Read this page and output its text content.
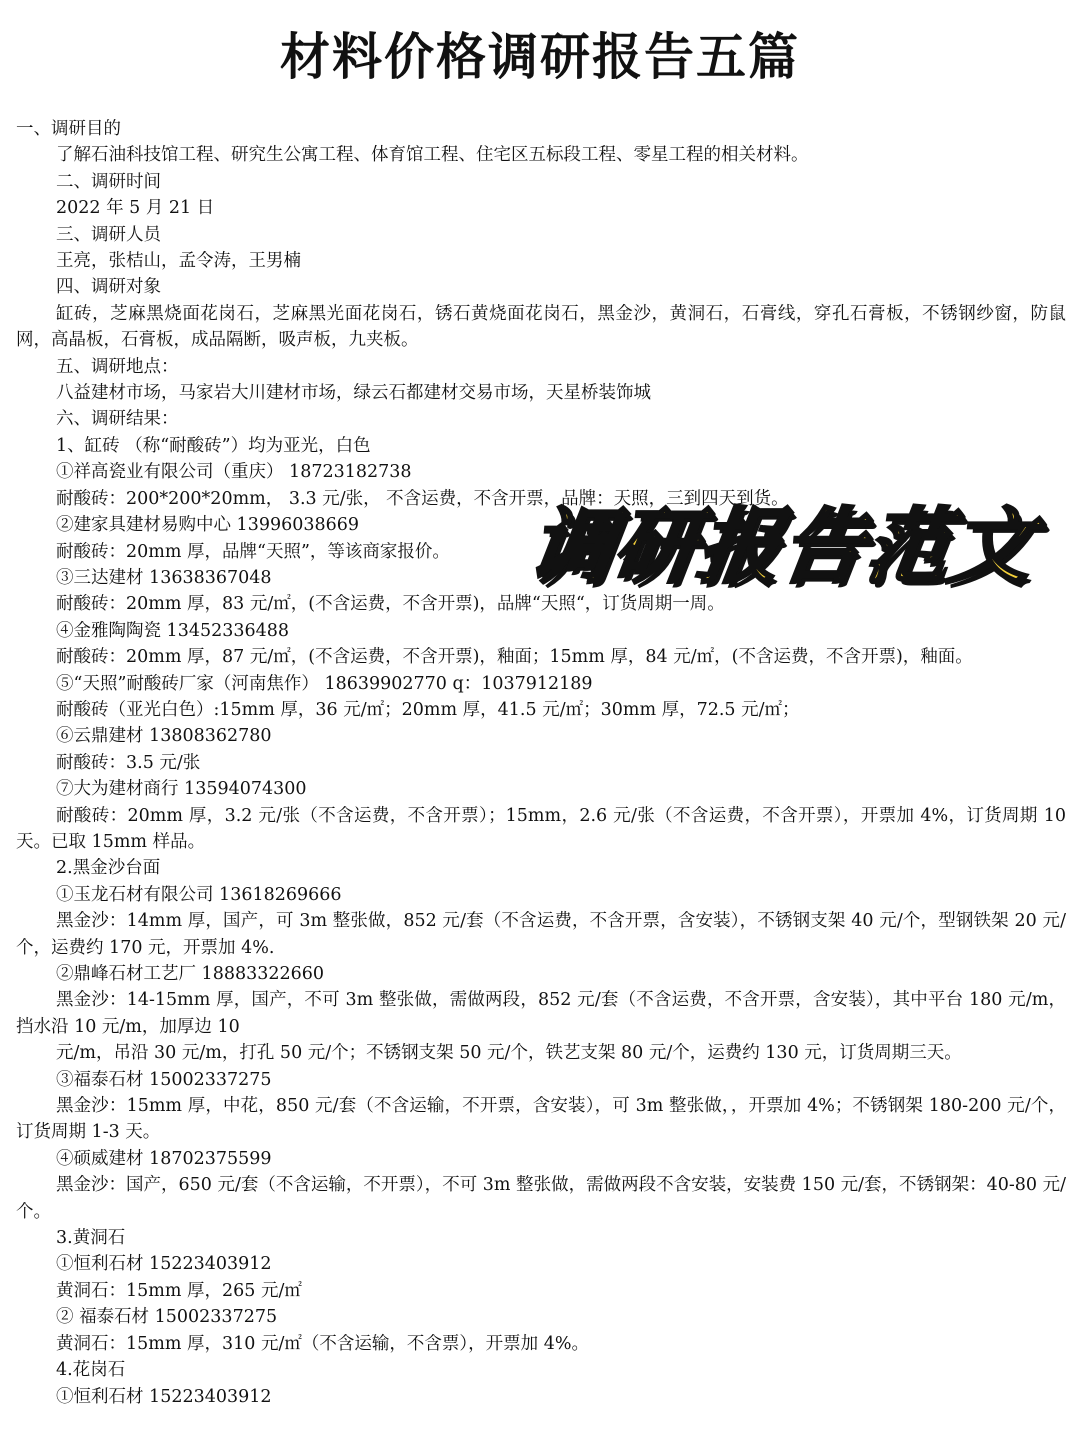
材料价格调研报告五篇
一、调研目的
了解石油科技馆工程、研究生公寓工程、体育馆工程、住宅区五标段工程、零星工程的相关材料。
二、调研时间
2022 年 5 月 21 日
三、调研人员
王亮，张桔山，孟令涛，王男楠
四、调研对象
缸砖，芝麻黑烧面花岗石，芝麻黑光面花岗石，锈石黄烧面花岗石，黑金沙，黄洞石，石膏线，穿孔石膏板，不锈钢纱窗，防鼠网，高晶板，石膏板，成品隔断，吸声板，九夹板。
五、调研地点：
八益建材市场，马家岩大川建材市场，绿云石都建材交易市场，天星桥装饰城
六、调研结果：
1、缸砖 （称“耐酸砖”）均为亚光，白色
①祥高瓷业有限公司（重庆） 18723182738
耐酸砖：200*200*20mm， 3.3 元/张， 不含运费，不含开票，品牌：天照，三到四天到货。
②建家具建材易购中心 13996038669
耐酸砖：20mm 厚，品牌“天照”，等该商家报价。
③三达建材 13638367048
耐酸砖：20mm 厚，83 元/㎡，(不含运费，不含开票)，品牌“天照“，订货周期一周。
④金雅陶陶瓷 13452336488
耐酸砖：20mm 厚，87 元/㎡，(不含运费，不含开票)，釉面；15mm 厚，84 元/㎡，(不含运费，不含开票)，釉面。
⑤“天照”耐酸砖厂家（河南焦作） 18639902770 q：1037912189
耐酸砖（亚光白色）:15mm 厚，36 元/㎡；20mm 厚，41.5 元/㎡；30mm 厚，72.5 元/㎡；
⑥云鼎建材 13808362780
耐酸砖：3.5 元/张
⑦大为建材商行 13594074300
耐酸砖：20mm 厚，3.2 元/张（不含运费，不含开票）；15mm，2.6 元/张（不含运费，不含开票），开票加 4%，订货周期 10 天。已取 15mm 样品。
2.黑金沙台面
①玉龙石材有限公司 13618269666
黑金沙：14mm 厚，国产，可 3m 整张做，852 元/套（不含运费，不含开票，含安装），不锈钢支架 40 元/个，型钢铁架 20 元/个，运费约 170 元，开票加 4%.
②鼎峰石材工艺厂 18883322660
黑金沙：14-15mm 厚，国产，不可 3m 整张做，需做两段，852 元/套（不含运费，不含开票，含安装），其中平台 180 元/m，挡水沿 10 元/m，加厚边 10
元/m，吊沿 30 元/m，打孔 50 元/个；不锈钢支架 50 元/个，铁艺支架 80 元/个，运费约 130 元，订货周期三天。
③福泰石材 15002337275
黑金沙：15mm 厚，中花，850 元/套（不含运输，不开票，含安装），可 3m 整张做，，开票加 4%；不锈钢架 180-200 元/个，订货周期 1-3 天。
④硕威建材 18702375599
黑金沙：国产，650 元/套（不含运输，不开票），不可 3m 整张做，需做两段不含安装，安装费 150 元/套，不锈钢架：40-80 元/个。
3.黄洞石
①恒利石材 15223403912
黄洞石：15mm 厚，265 元/㎡
② 福泰石材 15002337275
黄洞石：15mm 厚，310 元/㎡（不含运输，不含票），开票加 4%。
4.花岗石
①恒利石材 15223403912
调研报告范文
